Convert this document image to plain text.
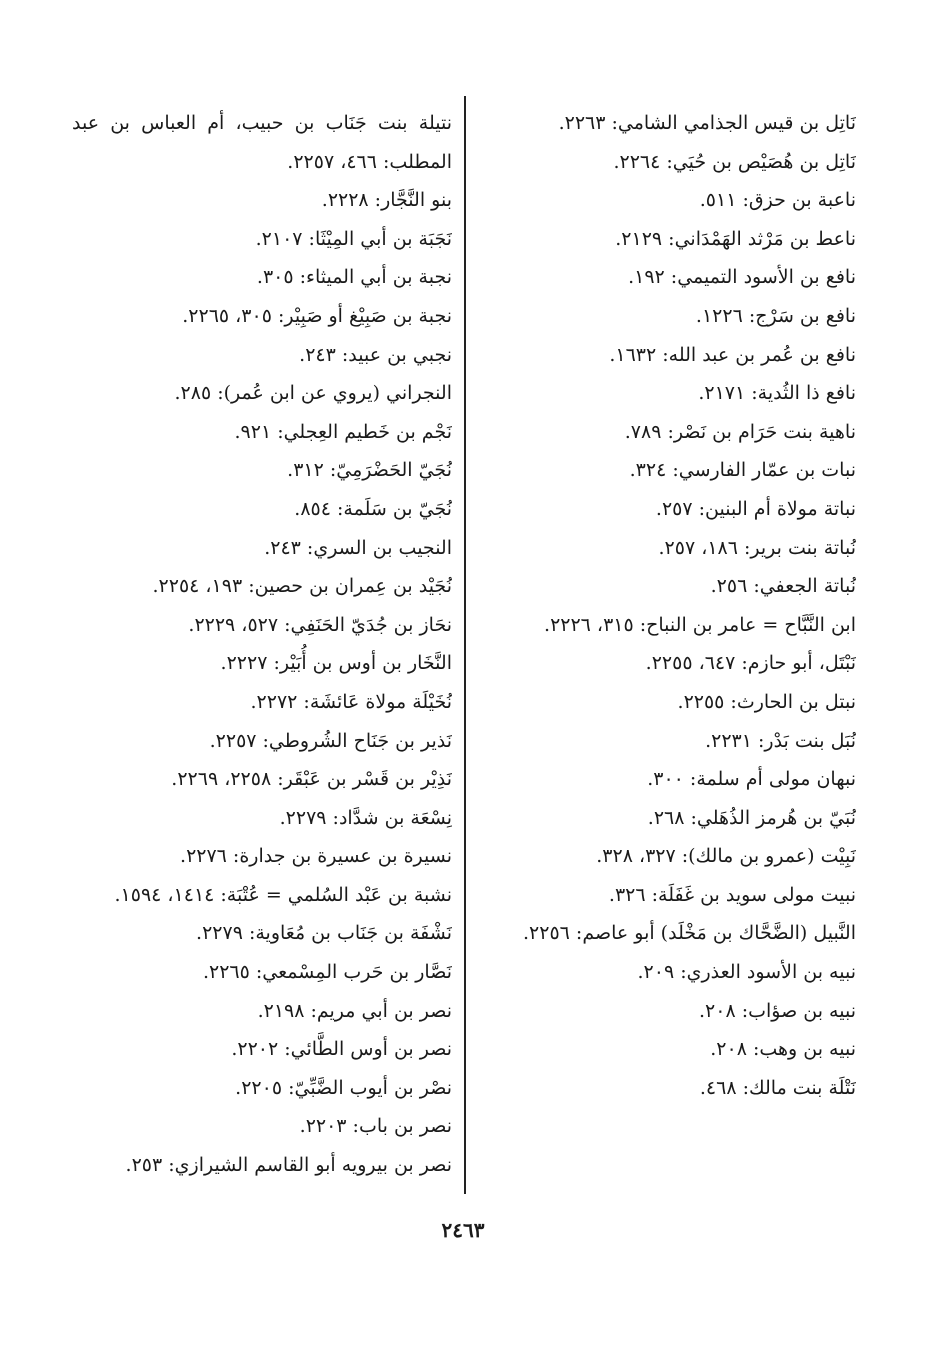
نَاتِل بن قيس الجذامي الشامي: ٢٢٦٣.
نَاتِل بن هُصَيْص بن حُيَي: ٢٢٦٤.
ناعبة بن حزق: ٥١١.
ناعط بن مَرْثد الهَمْدَاني: ٢١٢٩.
نافع بن الأسود التميمي: ١٩٢.
نافع بن سَرْج: ١٢٢٦.
نافع بن عُمر بن عبد الله: ١٦٣٢.
نافع ذا الثُدية: ٢١٧١.
ناهية بنت حَرَام بن نَصْر: ٧٨٩.
نبات بن عمّار الفارسي: ٣٢٤.
نباتة مولاة أم البنين: ٢٥٧.
نُباتة بنت برير: ١٨٦، ٢٥٧.
نُباتة الجعفي: ٢٥٦.
ابن النَّبَّاح = عامر بن النباح: ٣١٥، ٢٢٢٦.
نَبْتَل، أبو حازم: ٦٤٧، ٢٢٥٥.
نبتل بن الحارث: ٢٢٥٥.
نُبَل بنت بَدْر: ٢٢٣١.
نبهان مولى أم سلمة: ٣٠٠.
نُبَيّ بن هُرمز الذُهَلي: ٢٦٨.
نَبِيْت (عمرو بن مالك): ٣٢٧، ٣٢٨.
نبيت مولى سويد بن غَفَلَة: ٣٢٦.
النَّبيل (الضَّحَّاك بن مَخْلَد) أبو عاصم: ٢٢٥٦.
نبيه بن الأسود العذري: ٢٠٩.
نبيه بن صؤاب: ٢٠٨.
نبيه بن وهب: ٢٠٨.
نَتْلَة بنت مالك: ٤٦٨.
نتيلة بنت جَنَاب بن حبيب، أم العباس بن عبد المطلب: ٤٦٦، ٢٢٥٧.
بنو النَّجَّار: ٢٢٢٨.
نَجَبَة بن أبي المِيْثَا: ٢١٠٧.
نجبة بن أبي الميثاء: ٣٠٥.
نجبة بن صَبِيْغ أو صَبِيْر: ٣٠٥، ٢٢٦٥.
نجبي بن عبيد: ٢٤٣.
النجراني (يروي عن ابن عُمر): ٢٨٥.
نَجْم بن خَطيم العِجلي: ٩٢١.
نُجَيّ الحَضْرَمِيّ: ٣١٢.
نُجَيّ بن سَلَمة: ٨٥٤.
النجيب بن السري: ٢٤٣.
نُجَيْد بن عِمران بن حصين: ١٩٣، ٢٢٥٤.
نحَاز بن جُدَيّ الحَنَفِي: ٥٢٧، ٢٢٢٩.
النَّخَار بن أوس بن أُبَيْر: ٢٢٢٧.
نُخَيْلَة مولاة عَائشَة: ٢٢٧٢.
نَذير بن جَنَاح الشُروطي: ٢٢٥٧.
نَذِيْر بن قَسْر بن عَبْقَر: ٢٢٥٨، ٢٢٦٩.
نِسْعَة بن شدَّاد: ٢٢٧٩.
نسيرة بن عسيرة بن جدارة: ٢٢٧٦.
نشبة بن عَبْد السُلمي = عُتْبَة: ١٤١٤، ١٥٩٤.
نَشْفَة بن جَنَاب بن مُعَاوية: ٢٢٧٩.
نَصَّار بن حَرب المِسْمعي: ٢٢٦٥.
نصر بن أبي مريم: ٢١٩٨.
نصر بن أوس الطَّائي: ٢٢٠٢.
نصْر بن أيوب الضَّبِّيّ: ٢٢٠٥.
نصر بن باب: ٢٢٠٣.
نصر بن بيرويه أبو القاسم الشيرازي: ٢٥٣.
٢٤٦٣
